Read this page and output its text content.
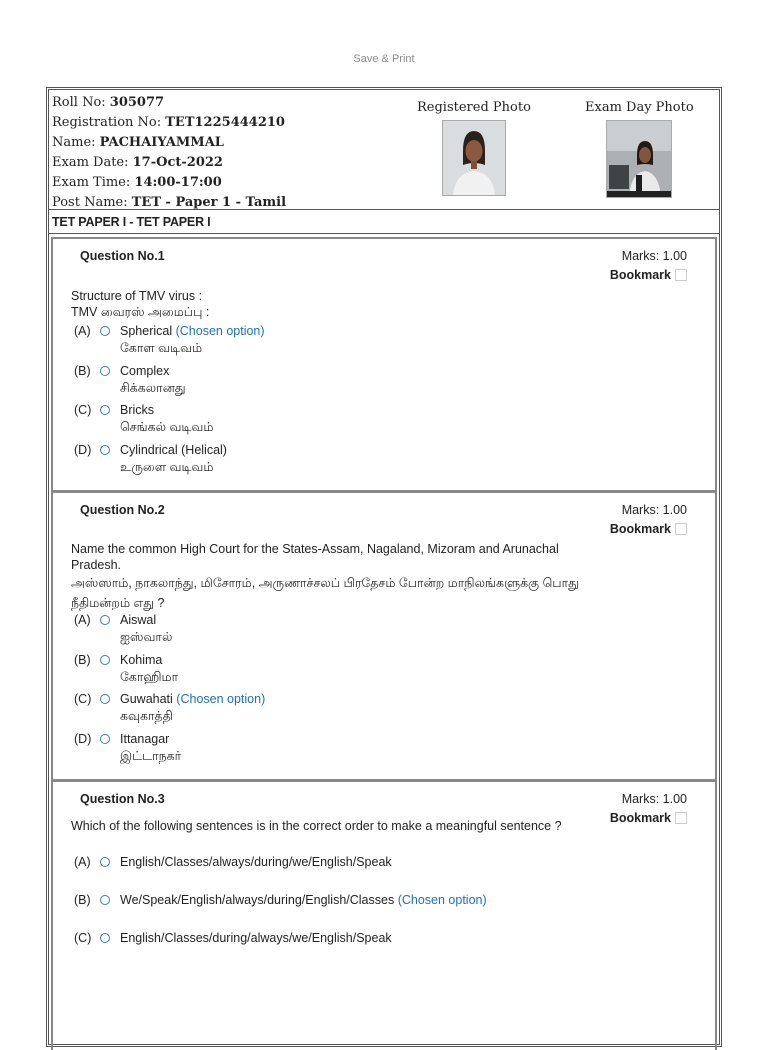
Save & Print
Roll No: 305077
Registration No: TET1225444210
Name: PACHAIYAMMAL
Exam Date: 17-Oct-2022
Exam Time: 14:00-17:00
Post Name: TET - Paper 1 - Tamil
Registered Photo	Exam Day Photo
TET PAPER I - TET PAPER I
Question No.1	Marks: 1.00
Bookmark
Structure of TMV virus :
TMV வைரஸ் அமைப்பு :
(A)	Spherical (Chosen option)
கோள வடிவம்
(B)	Complex
சிக்கலானது
(C)	Bricks
செங்கல் வடிவம்
(D)	Cylindrical (Helical)
உருளை வடிவம்
Question No.2	Marks: 1.00
Bookmark
Name the common High Court for the States-Assam, Nagaland, Mizoram and Arunachal Pradesh.
அஸ்ஸாம், நாகலாந்து, மிசோரம், அருணாச்சலப் பிரதேசம் போன்ற மாநிலங்களுக்கு பொது நீதிமன்றம் எது ?
(A)	Aiswal
ஐஸ்வால்
(B)	Kohima
கோஹிமா
(C)	Guwahati (Chosen option)
கவுகாத்தி
(D)	Ittanagar
இட்டாநகர்
Question No.3	Marks: 1.00
Bookmark
Which of the following sentences is in the correct order to make a meaningful sentence ?
(A)	English/Classes/always/during/we/English/Speak
(B)	We/Speak/English/always/during/English/Classes (Chosen option)
(C)	English/Classes/during/always/we/English/Speak
